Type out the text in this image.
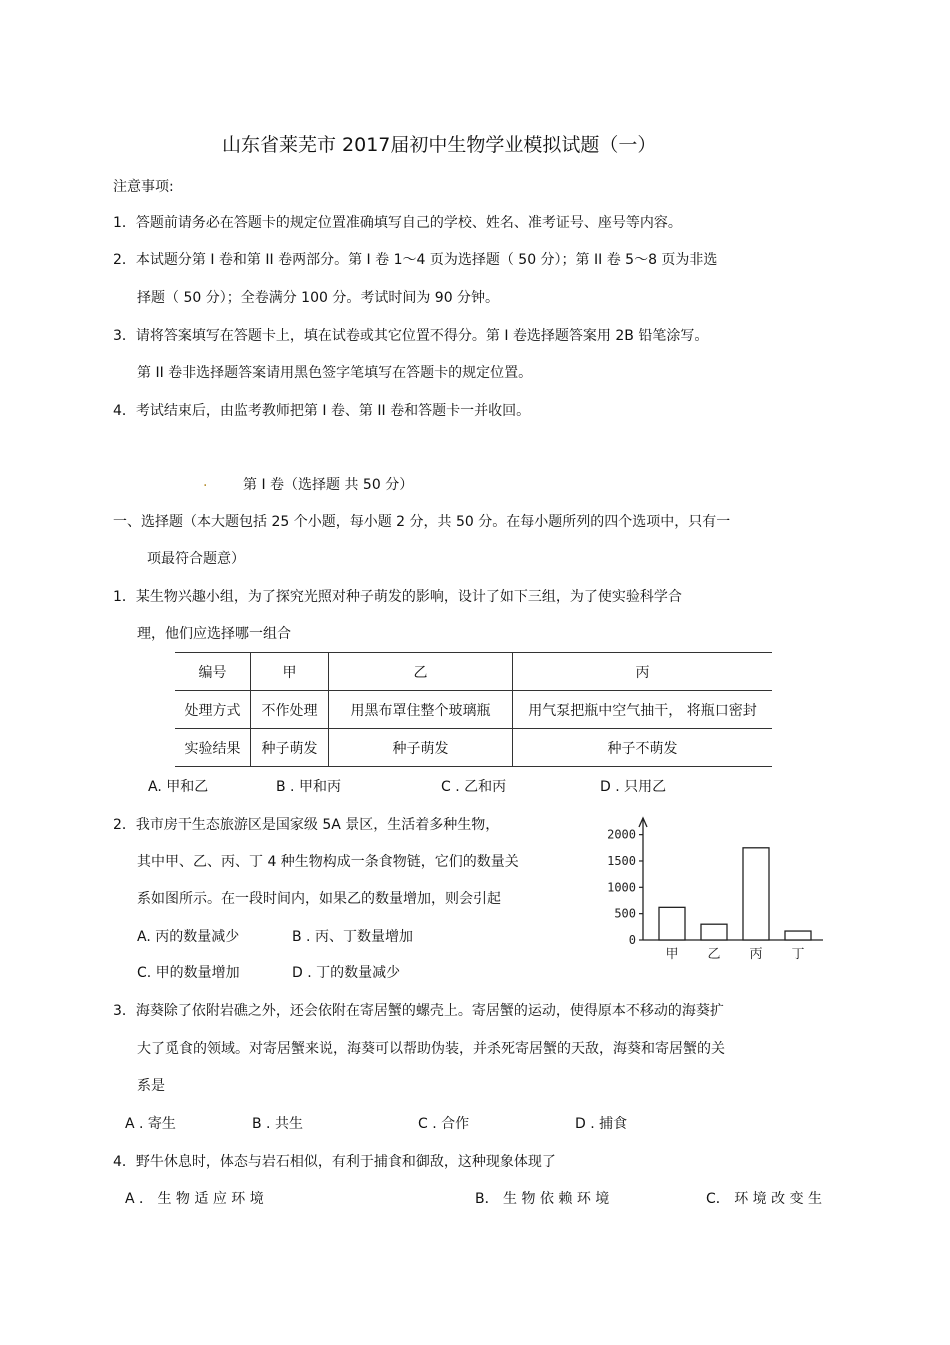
山东省莱芜市 2017届初中生物学业模拟试题（一）
注意事项:
1．答题前请务必在答题卡的规定位置准确填写自己的学校、姓名、准考证号、座号等内容。
2．本试题分第 I 卷和第 II 卷两部分。第 I 卷 1～4 页为选择题（ 50 分）；第 II 卷 5～8 页为非选
择题（ 50 分）；全卷满分 100 分。考试时间为 90 分钟。
3．请将答案填写在答题卡上，填在试卷或其它位置不得分。第 I 卷选择题答案用 2B 铅笔涂写。
第 II 卷非选择题答案请用黑色签字笔填写在答题卡的规定位置。
4．考试结束后，由监考教师把第 I 卷、第 II 卷和答题卡一并收回。
.	第 I 卷（选择题 共 50 分）
一、选择题（本大题包括 25 个小题，每小题 2 分，共 50 分。在每小题所列的四个选项中，只有一
项最符合题意）
1．某生物兴趣小组，为了探究光照对种子萌发的影响，设计了如下三组，为了使实验科学合
理，他们应选择哪一组合
编号	甲	乙	丙
处理方式	不作处理	用黑布罩住整个玻璃瓶	用气泵把瓶中空气抽干， 将瓶口密封
实验结果	种子萌发	种子萌发	种子不萌发
A. 甲和乙	B . 甲和丙	C . 乙和丙	D . 只用乙
2．我市房干生态旅游区是国家级 5A 景区，生活着多种生物，
其中甲、乙、丙、丁 4 种生物构成一条食物链，它们的数量关
系如图所示。在一段时间内，如果乙的数量增加，则会引起
A. 丙的数量减少	B . 丙、丁数量增加
C. 甲的数量增加	D . 丁的数量减少
0
500
1000
1500
2000
甲 乙 丙 丁
3．海葵除了依附岩礁之外，还会依附在寄居蟹的螺壳上。寄居蟹的运动，使得原本不移动的海葵扩
大了觅食的领域。对寄居蟹来说，海葵可以帮助伪装，并杀死寄居蟹的天敌，海葵和寄居蟹的关
系是
A . 寄生	B . 共生	C . 合作	D . 捕食
4．野牛休息时，体态与岩石相似，有利于捕食和御敌，这种现象体现了
A ． 生 物 适 应 环 境	B． 生 物 依 赖 环 境	C． 环 境 改 变 生
